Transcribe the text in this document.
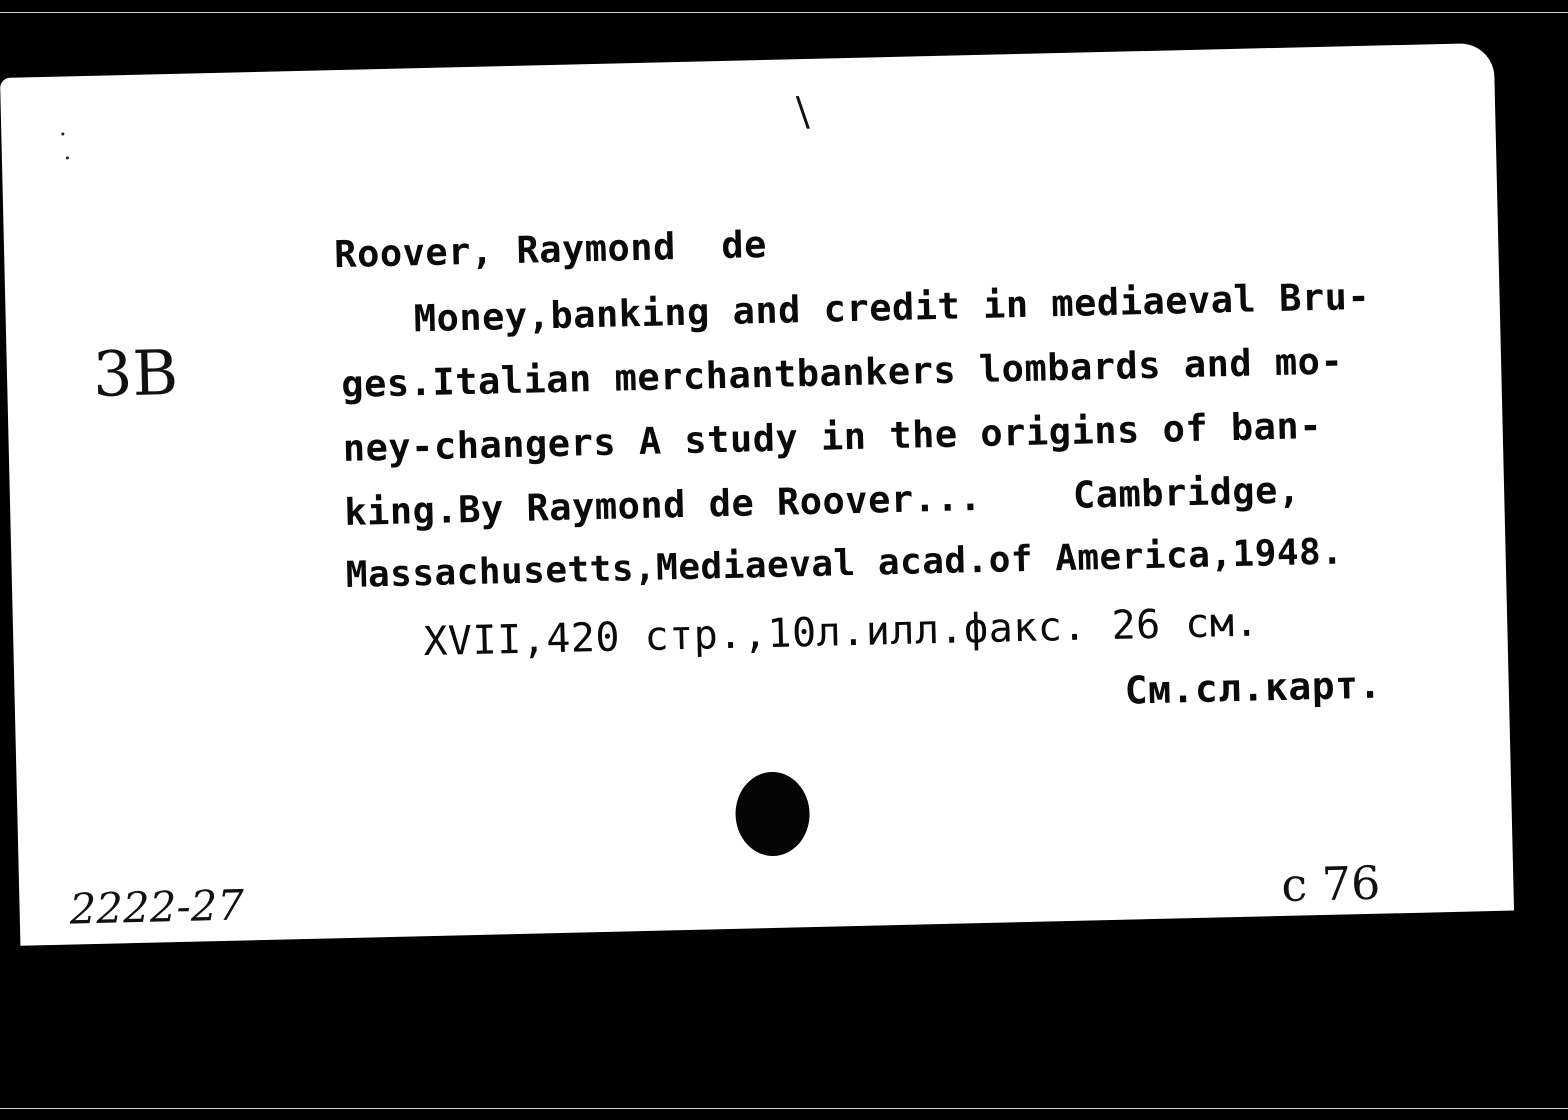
\
3B
Roover, Raymond  de
Money,banking and credit in mediaeval Bru-
ges.Italian merchantbankers lombards and mo-
ney-changers A study in the origins of ban-
king.By Raymond de Roover...    Cambridge,
Massachusetts,Mediaeval acad.of America,1948.
XVII,420 стр.,10л.илл.факс. 26 см.
См.сл.карт.
2222-27	c 76
